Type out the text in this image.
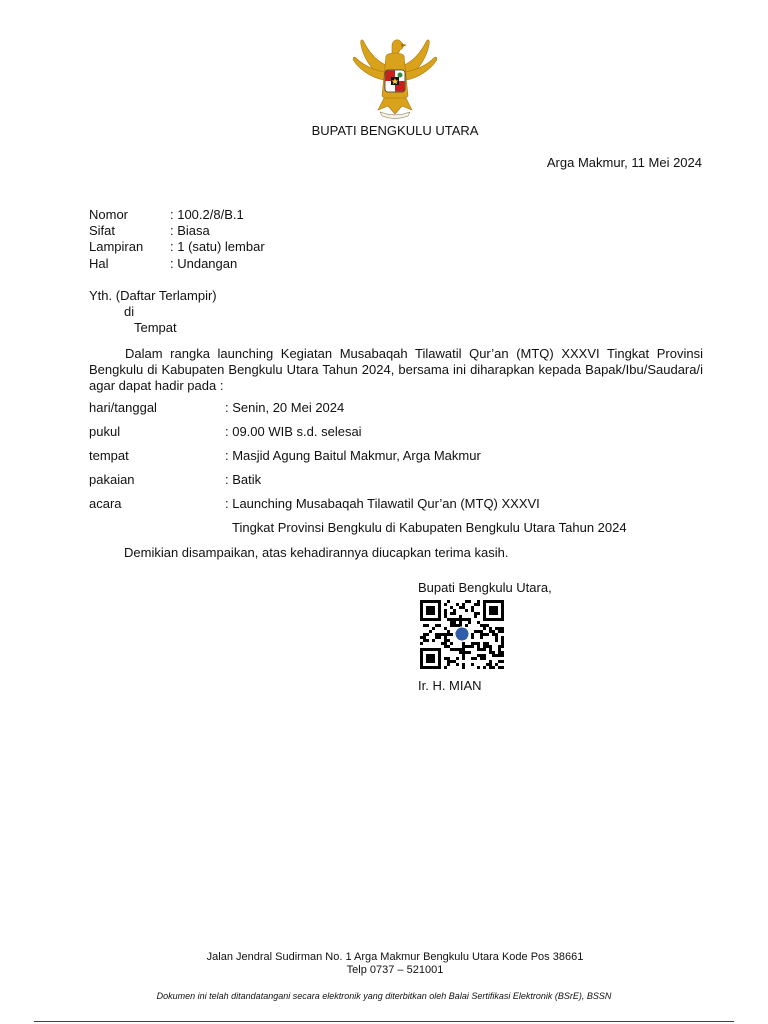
BUPATI BENGKULU UTARA
Arga Makmur, 11 Mei 2024
Nomor	: 100.2/8/B.1
Sifat	: Biasa
Lampiran : 1 (satu) lembar
Hal	: Undangan
Yth. (Daftar Terlampir)
di
Tempat
Dalam rangka launching Kegiatan Musabaqah Tilawatil Qur’an (MTQ) XXXVI Tingkat Provinsi Bengkulu di Kabupaten Bengkulu Utara Tahun 2024, bersama ini diharapkan kepada Bapak/Ibu/Saudara/i agar dapat hadir pada :
hari/tanggal	: Senin, 20 Mei 2024
pukul	: 09.00 WIB s.d. selesai
tempat	: Masjid Agung Baitul Makmur, Arga Makmur
pakaian	: Batik
acara	: Launching Musabaqah Tilawatil Qur’an (MTQ) XXXVI
Tingkat Provinsi Bengkulu di Kabupaten Bengkulu Utara Tahun 2024
Demikian disampaikan, atas kehadirannya diucapkan terima kasih.
Bupati Bengkulu Utara,
Ir. H. MIAN
Jalan Jendral Sudirman No. 1 Arga Makmur Bengkulu Utara Kode Pos 38661
Telp 0737 – 521001
Dokumen ini telah ditandatangani secara elektronik yang diterbitkan oleh Balai Sertifikasi Elektronik (BSrE), BSSN
